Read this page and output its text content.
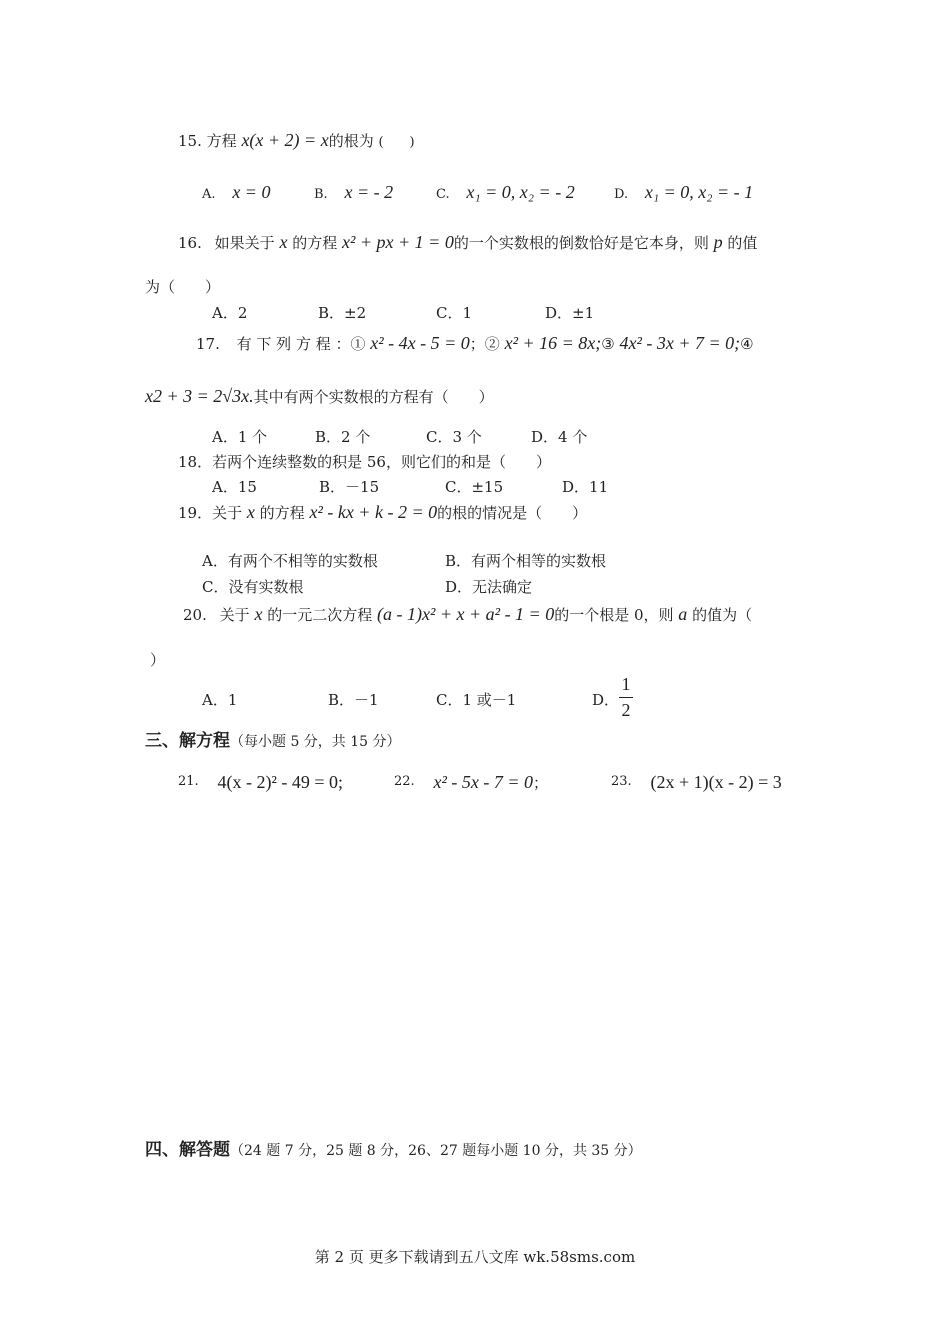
15. 方程 x(x + 2) = x的根为 (　　)
A. x = 0	B. x = - 2	C. x₁ = 0, x₂ = - 2	D. x₁ = 0, x₂ = - 1
16. 如果关于 x 的方程 x² + px + 1 = 0的一个实数根的倒数恰好是它本身，则 p 的值
为（　　）
A．2	B．±2	C．1	D．±1
17. 有 下 列 方 程 ：① x² - 4x - 5 = 0；② x² + 16 = 8x;③ 4x² - 3x + 7 = 0;④
x2 + 3 = 2√3x.其中有两个实数根的方程有（　　）
A．1 个	B．2 个	C．3 个	D．4 个
18．若两个连续整数的积是 56，则它们的和是（　　）
A．15	B．－15	C．±15	D．11
19．关于 x 的方程 x² - kx + k - 2 = 0的根的情况是（　　）
A．有两个不相等的实数根	B．有两个相等的实数根
C．没有实数根	D．无法确定
20. 关于 x 的一元二次方程 (a - 1)x² + x + a² - 1 = 0的一个根是 0，则 a 的值为（
）
A．1	B．－1	C．1 或－1	D．
1
2
三、解方程（每小题 5 分，共 15 分）
21. 4(x - 2)² - 49 = 0;	22. x² - 5x - 7 = 0；	23. (2x + 1)(x - 2) = 3
四、解答题（24 题 7 分，25 题 8 分，26、27 题每小题 10 分，共 35 分）
第 2 页 更多下载请到五八文库 wk.58sms.com
